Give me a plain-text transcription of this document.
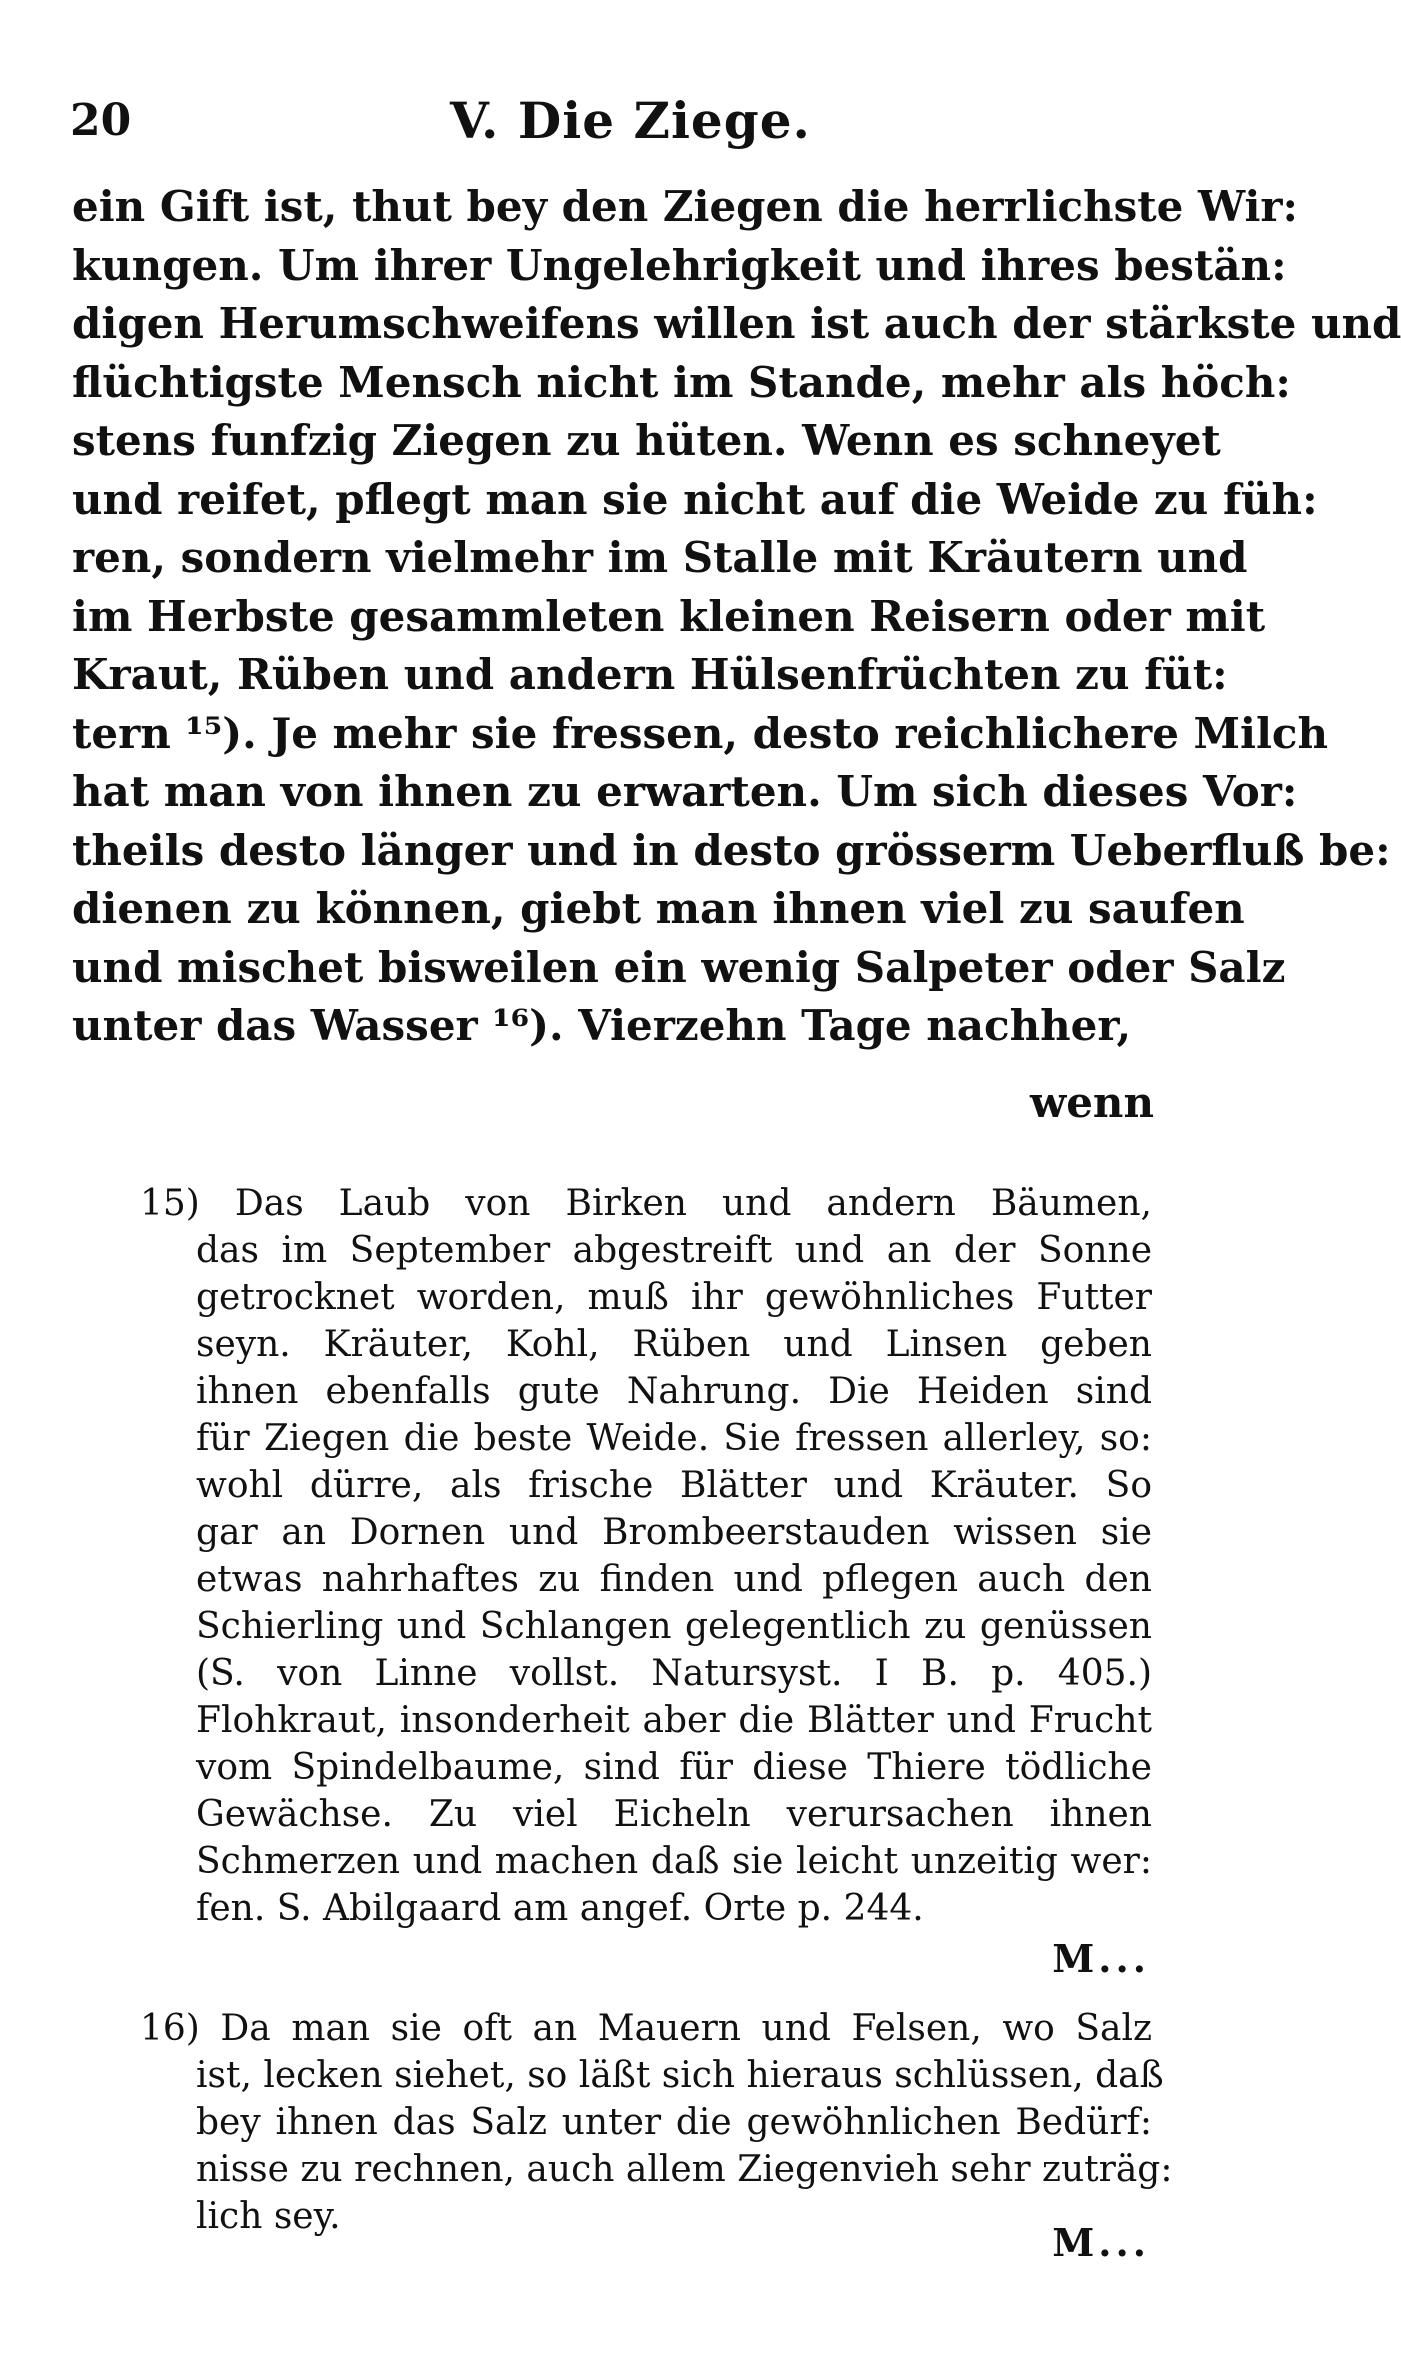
20	V. Die Ziege.
ein Gift ist, thut bey den Ziegen die herrlichste Wir:
kungen. Um ihrer Ungelehrigkeit und ihres bestän:
digen Herumschweifens willen ist auch der stärkste und
flüchtigste Mensch nicht im Stande, mehr als höch:
stens funfzig Ziegen zu hüten. Wenn es schneyet
und reifet, pflegt man sie nicht auf die Weide zu füh:
ren, sondern vielmehr im Stalle mit Kräutern und
im Herbste gesammleten kleinen Reisern oder mit
Kraut, Rüben und andern Hülsenfrüchten zu füt:
tern ¹⁵). Je mehr sie fressen, desto reichlichere Milch
hat man von ihnen zu erwarten. Um sich dieses Vor:
theils desto länger und in desto grösserm Ueberfluß be:
dienen zu können, giebt man ihnen viel zu saufen
und mischet bisweilen ein wenig Salpeter oder Salz
unter das Wasser ¹⁶). Vierzehn Tage nachher,
wenn
15) Das Laub von Birken und andern Bäumen,
das im September abgestreift und an der Sonne
getrocknet worden, muß ihr gewöhnliches Futter
seyn. Kräuter, Kohl, Rüben und Linsen geben
ihnen ebenfalls gute Nahrung. Die Heiden sind
für Ziegen die beste Weide. Sie fressen allerley, so:
wohl dürre, als frische Blätter und Kräuter. So
gar an Dornen und Brombeerstauden wissen sie
etwas nahrhaftes zu finden und pflegen auch den
Schierling und Schlangen gelegentlich zu genüssen
(S. von Linne vollst. Natursyst. I B. p. 405.)
Flohkraut, insonderheit aber die Blätter und Frucht
vom Spindelbaume, sind für diese Thiere tödliche
Gewächse. Zu viel Eicheln verursachen ihnen
Schmerzen und machen daß sie leicht unzeitig wer:
fen. S. Abilgaard am angef. Orte p. 244.
M...
16) Da man sie oft an Mauern und Felsen, wo Salz
ist, lecken siehet, so läßt sich hieraus schlüssen, daß
bey ihnen das Salz unter die gewöhnlichen Bedürf:
nisse zu rechnen, auch allem Ziegenvieh sehr zuträg:
lich sey.
M...
